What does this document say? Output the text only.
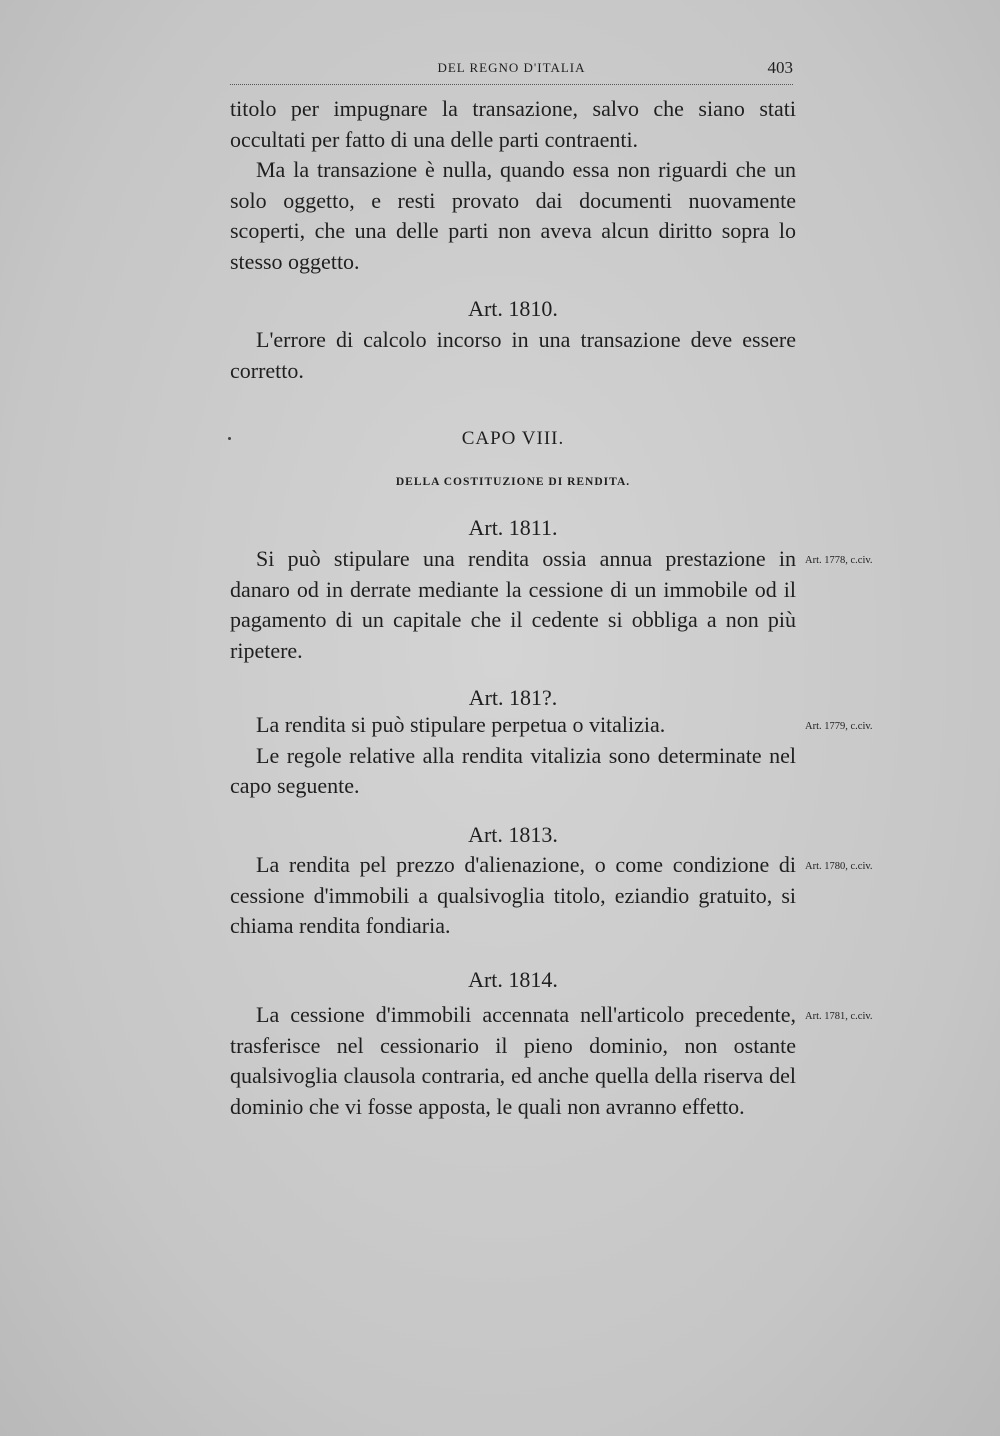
DEL REGNO D'ITALIA	403

titolo per impugnare la transazione, salvo che siano stati

occultati per fatto di una delle parti contraenti.

Ma la transazione è nulla, quando essa non riguardi che un solo oggetto, e resti provato dai documenti nuovamente scoperti, che una delle parti non aveva alcun diritto sopra lo stesso oggetto.

Art. 1810.

L'errore di calcolo incorso in una transazione deve essere corretto.

CAPO VIII.
DELLA COSTITUZIONE DI RENDITA.
Art. 1811.

Si può stipulare una rendita ossia annua prestazione in danaro od in derrate mediante la cessione di un immobile od il pagamento di un capitale che il cedente si obbliga a non più ripetere.

Art. 1778, c.civ.
Art. 181?.

La rendita si può stipulare perpetua o vitalizia.

Le regole relative alla rendita vitalizia sono determinate nel capo seguente.

Art. 1779, c.civ.
Art. 1813.

La rendita pel prezzo d'alienazione, o come condizione di cessione d'immobili a qualsivoglia titolo, eziandio gratuito, si chiama rendita fondiaria.

Art. 1780, c.civ.
Art. 1814.

La cessione d'immobili accennata nell'articolo precedente, trasferisce nel cessionario il pieno dominio, non ostante qualsivoglia clausola contraria, ed anche quella della riserva del dominio che vi fosse apposta, le quali non avranno effetto.

Art. 1781, c.civ.
